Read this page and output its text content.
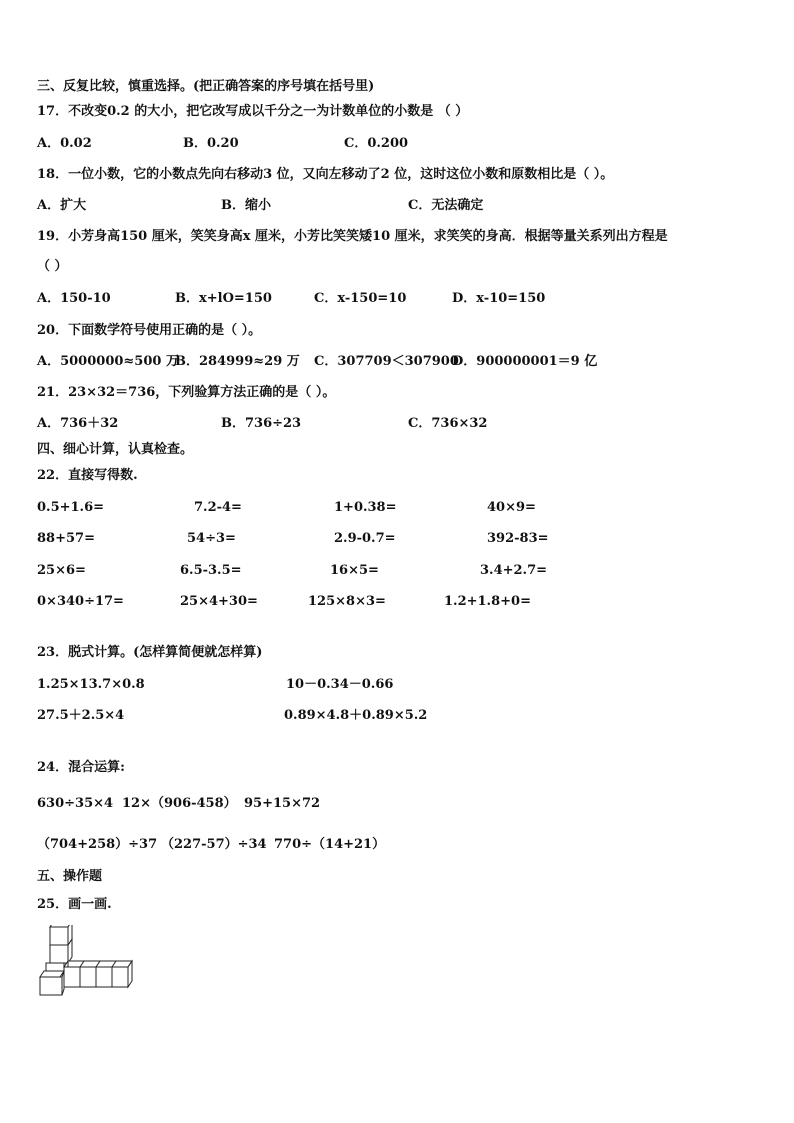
三、反复比较，慎重选择。(把正确答案的序号填在括号里)
17．不改变0.2 的大小，把它改写成以千分之一为计数单位的小数是 （ ）
A．0.02	B．0.20	C．0.200
18．一位小数，它的小数点先向右移动3 位，又向左移动了2 位，这时这位小数和原数相比是（ ）。
A．扩大	B．缩小	C．无法确定
19．小芳身高150 厘米，笑笑身高x 厘米，小芳比笑笑矮10 厘米，求笑笑的身高．根据等量关系列出方程是
（ ）
A．150-10	B．x+lO=150	C．x-150=10	D．x-10=150
20．下面数学符号使用正确的是（ ）。
A．5000000≈500 万
B．284999≈29 万 C．307709＜307900
D．900000001＝9 亿
21．23×32＝736，下列验算方法正确的是（ ）。
A．736＋32	B．736÷23	C．736×32
四、细心计算，认真检查。
22．直接写得数.
0.5+1.6=	7.2-4=	1+0.38=	40×9=
88+57=	54÷3=	2.9-0.7=	392-83=
25×6=	6.5-3.5=	16×5=	3.4+2.7=
0×340÷17=	25×4+30=	125×8×3=	1.2+1.8+0=
23．脱式计算。(怎样算简便就怎样算)
1.25×13.7×0.8	10－0.34－0.66
27.5＋2.5×4	0.89×4.8＋0.89×5.2
24．混合运算:
630÷35×4 12×（906-458） 95+15×72
（704+258）÷37 （227-57）÷34 770÷（14+21）
五、操作题
25．画一画.
